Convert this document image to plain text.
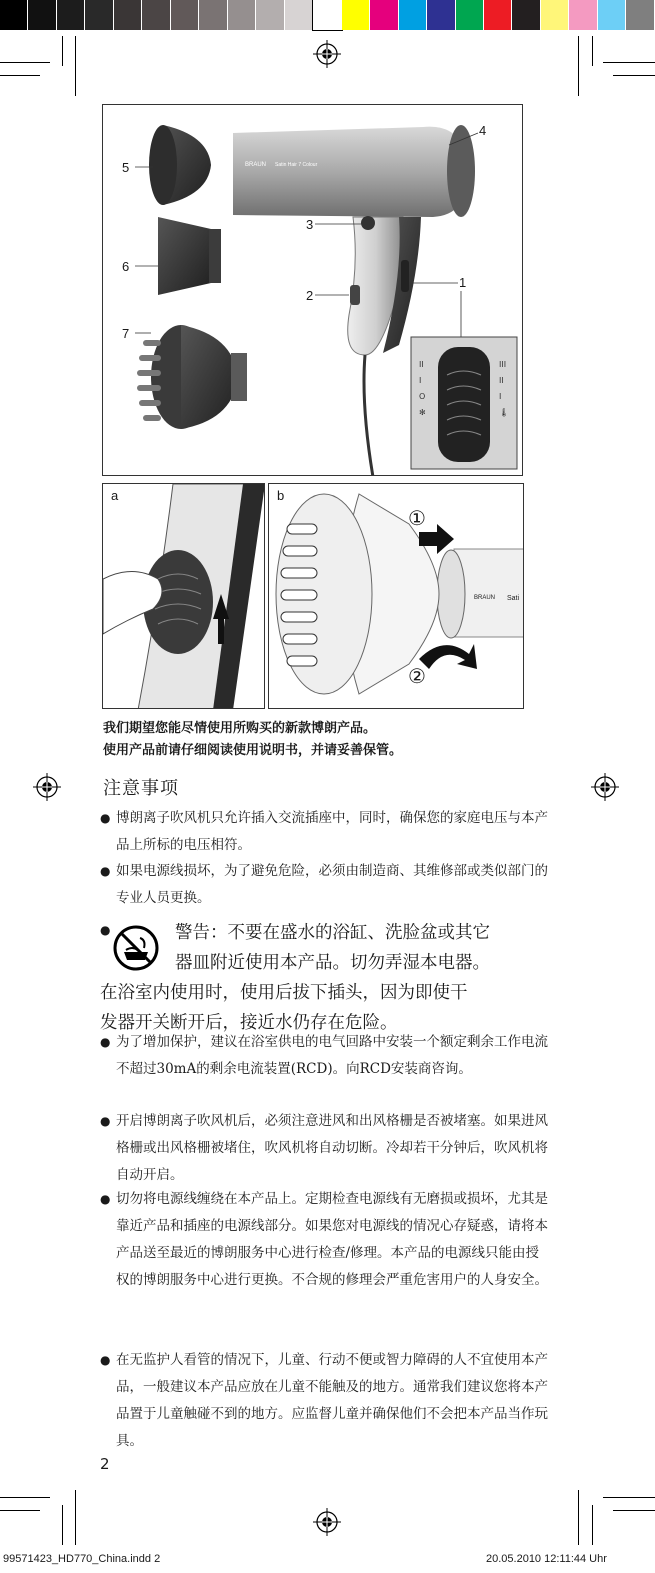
BRAUN Satin Hair 7 Colour
II
I
O
✻
III
II
I
🌡
1
2
3
4
5
6
7
a	b
①
②
BRAUN Sati
我们期望您能尽情使用所购买的新款博朗产品。
使用产品前请仔细阅读使用说明书，并请妥善保管。
注意事项
● 博朗离子吹风机只允许插入交流插座中，同时，确保您的家庭电压与本产品上所标的电压相符。
● 如果电源线损坏，为了避免危险，必须由制造商、其维修部或类似部门的专业人员更换。
●	警告：不要在盛水的浴缸、洗脸盆或其它
器皿附近使用本产品。切勿弄湿本电器。
在浴室内使用时，使用后拔下插头，因为即使干
发器开关断开后，接近水仍存在危险。
● 为了增加保护，建议在浴室供电的电气回路中安装一个额定剩余工作电流不超过30mA的剩余电流装置(RCD)。向RCD安装商咨询。
● 开启博朗离子吹风机后，必须注意进风和出风格栅是否被堵塞。如果进风格栅或出风格栅被堵住，吹风机将自动切断。冷却若干分钟后，吹风机将自动开启。
● 切勿将电源线缠绕在本产品上。定期检查电源线有无磨损或损坏，尤其是靠近产品和插座的电源线部分。如果您对电源线的情况心存疑惑，请将本产品送至最近的博朗服务中心进行检查/修理。本产品的电源线只能由授权的博朗服务中心进行更换。不合规的修理会严重危害用户的人身安全。
● 在无监护人看管的情况下，儿童、行动不便或智力障碍的人不宜使用本产品，一般建议本产品应放在儿童不能触及的地方。通常我们建议您将本产品置于儿童触碰不到的地方。应监督儿童并确保他们不会把本产品当作玩具。
2
99571423_HD770_China.indd 2	20.05.2010 12:11:44 Uhr
